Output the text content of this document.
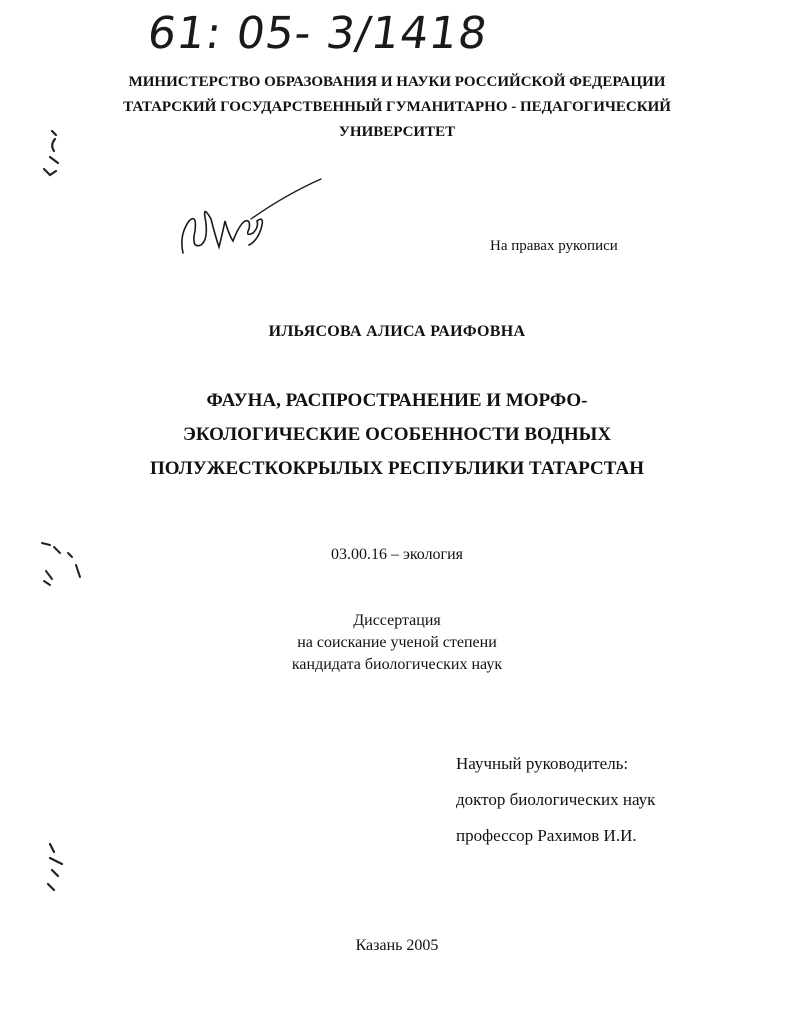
61: 05- 3/1418
МИНИСТЕРСТВО ОБРАЗОВАНИЯ И НАУКИ РОССИЙСКОЙ ФЕДЕРАЦИИ
ТАТАРСКИЙ ГОСУДАРСТВЕННЫЙ ГУМАНИТАРНО - ПЕДАГОГИЧЕСКИЙ
УНИВЕРСИТЕТ
На правах рукописи
ИЛЬЯСОВА АЛИСА РАИФОВНА
ФАУНА, РАСПРОСТРАНЕНИЕ И МОРФО-
ЭКОЛОГИЧЕСКИЕ ОСОБЕННОСТИ ВОДНЫХ
ПОЛУЖЕСТКОКРЫЛЫХ РЕСПУБЛИКИ ТАТАРСТАН
03.00.16 – экология
Диссертация
на соискание ученой степени
кандидата биологических наук
Научный руководитель:
доктор биологических наук
профессор Рахимов И.И.
Казань 2005
